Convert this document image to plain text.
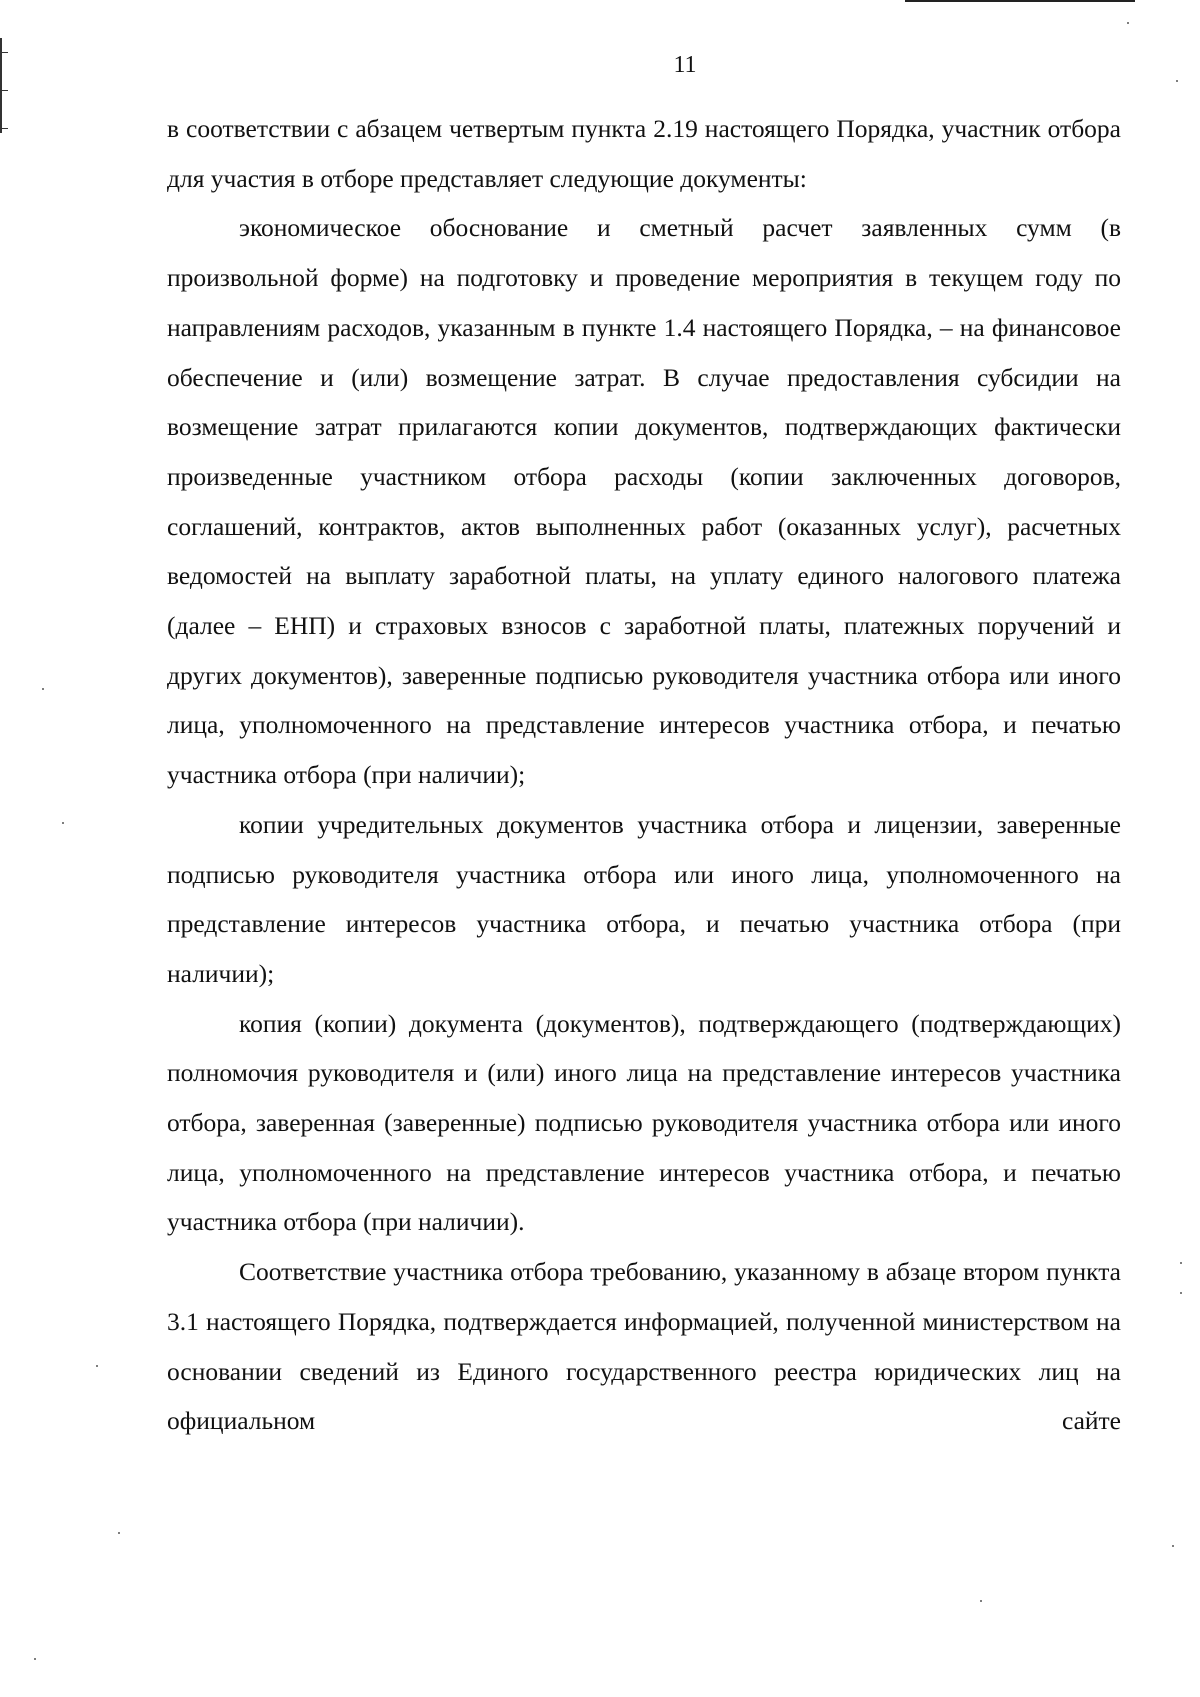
11

в соответствии с абзацем четвертым пункта 2.19 настоящего Порядка, участник отбора для участия в отборе представляет следующие документы:

экономическое обоснование и сметный расчет заявленных сумм (в произвольной форме) на подготовку и проведение мероприятия в текущем году по направлениям расходов, указанным в пункте 1.4 настоящего Порядка, – на финансовое обеспечение и (или) возмещение затрат. В случае предоставления субсидии на возмещение затрат прилагаются копии документов, подтверждающих фактически произведенные участником отбора расходы (копии заключенных договоров, соглашений, контрактов, актов выполненных работ (оказанных услуг), расчетных ведомостей на выплату заработной платы, на уплату единого налогового платежа (далее – ЕНП) и страховых взносов с заработной платы, платежных поручений и других документов), заверенные подписью руководителя участника отбора или иного лица, уполномоченного на представление интересов участника отбора, и печатью участника отбора (при наличии);

копии учредительных документов участника отбора и лицензии, заверенные подписью руководителя участника отбора или иного лица, уполномоченного на представление интересов участника отбора, и печатью участника отбора (при наличии);

копия (копии) документа (документов), подтверждающего (подтверждающих) полномочия руководителя и (или) иного лица на представление интересов участника отбора, заверенная (заверенные) подписью руководителя участника отбора или иного лица, уполномоченного на представление интересов участника отбора, и печатью участника отбора (при наличии).

Соответствие участника отбора требованию, указанному в абзаце втором пункта 3.1 настоящего Порядка, подтверждается информацией, полученной министерством на основании сведений из Единого государственного реестра юридических лиц на официальном сайте
